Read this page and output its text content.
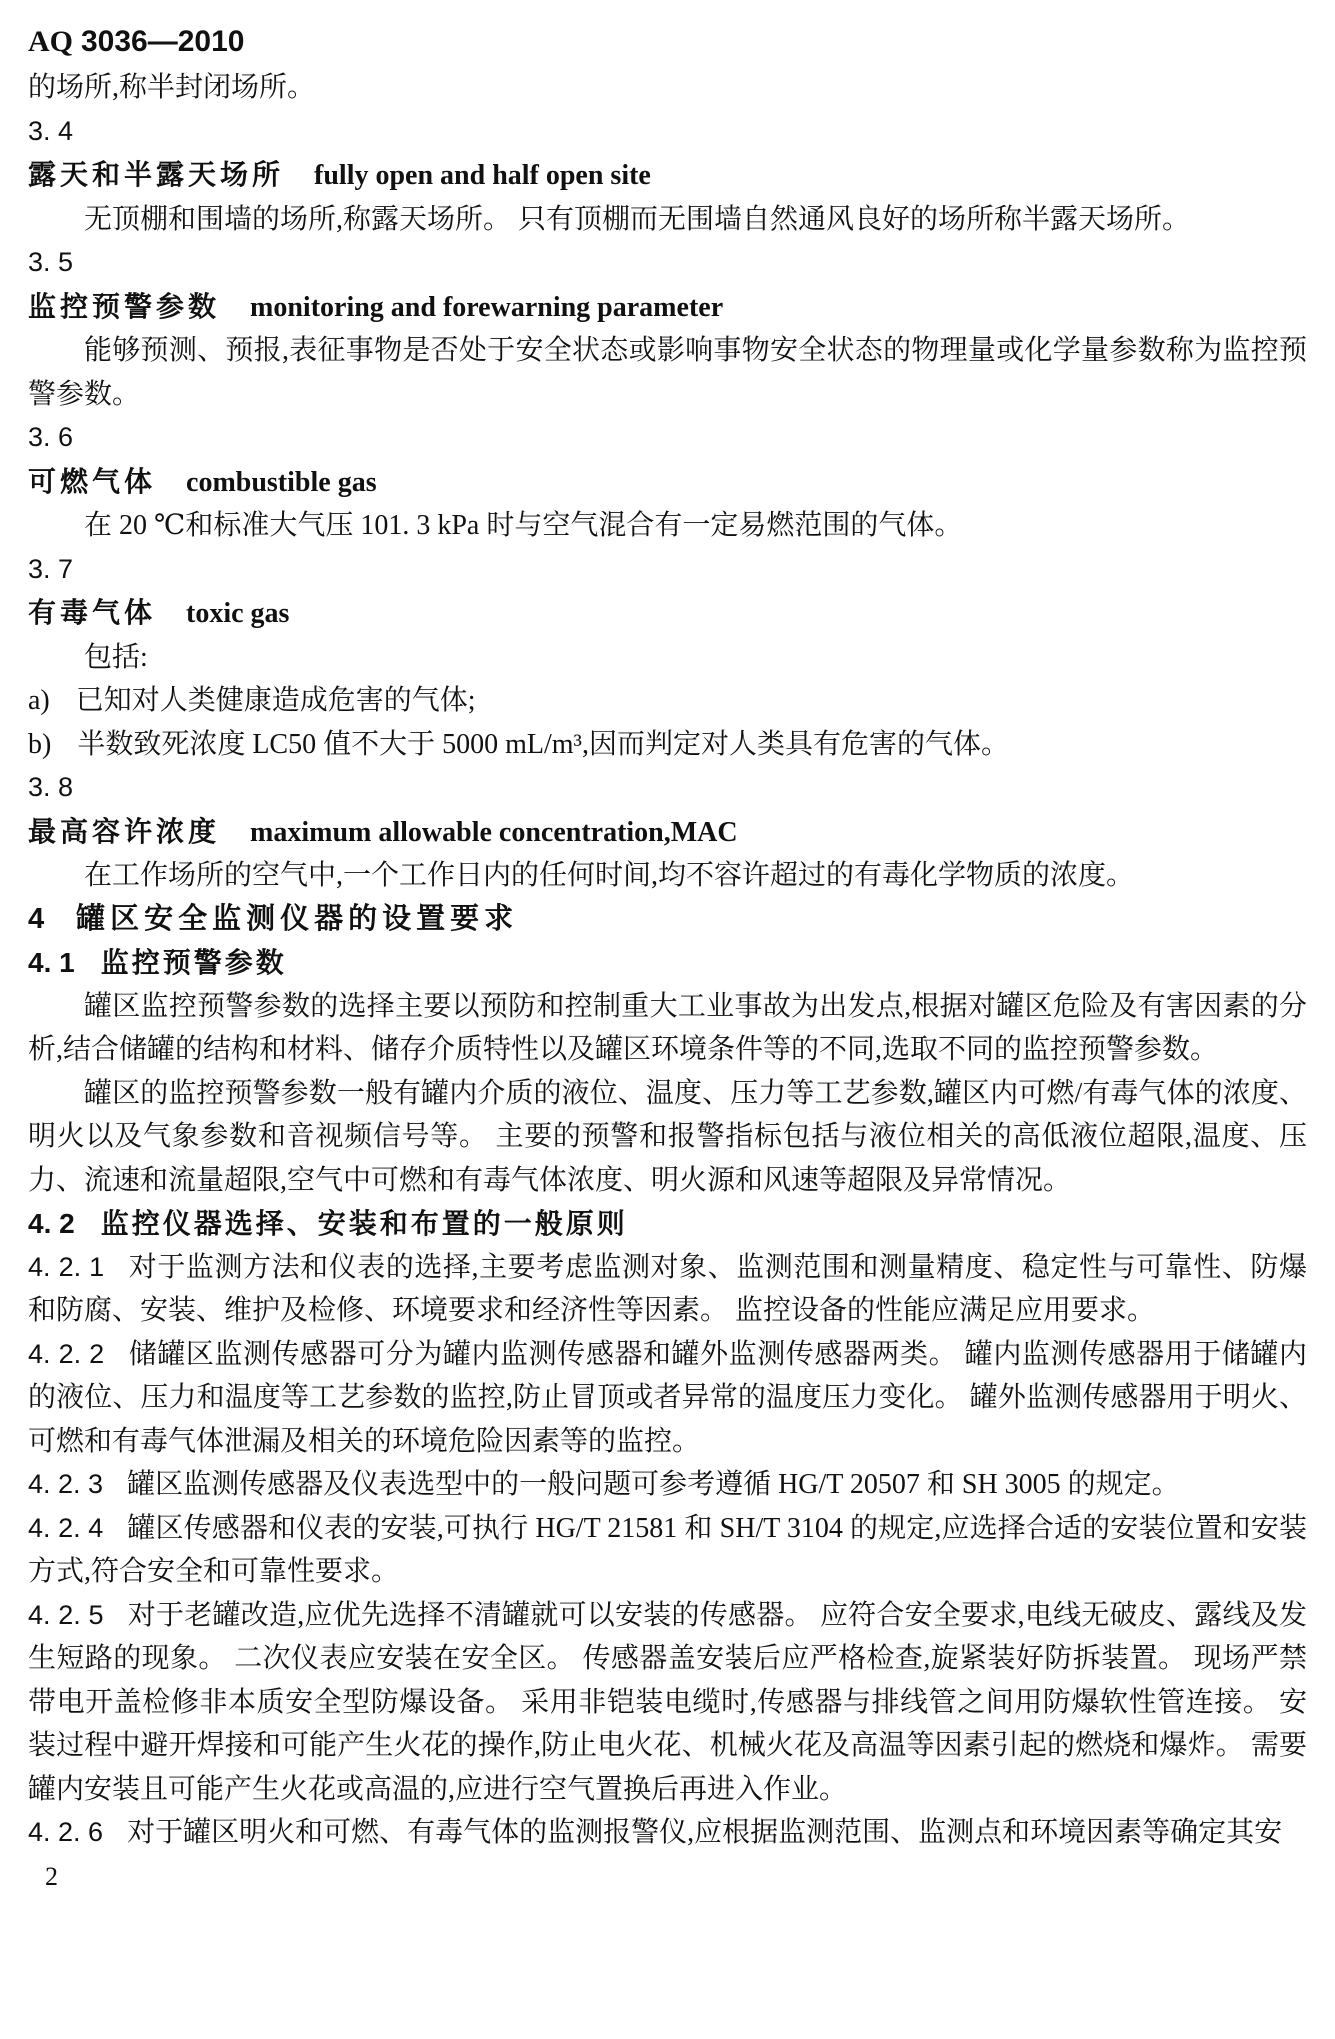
AQ 3036—2010

的场所,称半封闭场所。

3. 4

露天和半露天场所 fully open and half open site

无顶棚和围墙的场所,称露天场所。 只有顶棚而无围墙自然通风良好的场所称半露天场所。

3. 5

监控预警参数 monitoring and forewarning parameter

能够预测、预报,表征事物是否处于安全状态或影响事物安全状态的物理量或化学量参数称为监控预警参数。

3. 6

可燃气体 combustible gas

在 20 ℃和标准大气压 101. 3 kPa 时与空气混合有一定易燃范围的气体。

3. 7

有毒气体 toxic gas

包括:

a) 已知对人类健康造成危害的气体;

b) 半数致死浓度 LC50 值不大于 5000 mL/m³,因而判定对人类具有危害的气体。

3. 8

最高容许浓度 maximum allowable concentration,MAC

在工作场所的空气中,一个工作日内的任何时间,均不容许超过的有毒化学物质的浓度。

4 罐区安全监测仪器的设置要求

4. 1 监控预警参数

罐区监控预警参数的选择主要以预防和控制重大工业事故为出发点,根据对罐区危险及有害因素的分析,结合储罐的结构和材料、储存介质特性以及罐区环境条件等的不同,选取不同的监控预警参数。

罐区的监控预警参数一般有罐内介质的液位、温度、压力等工艺参数,罐区内可燃/有毒气体的浓度、明火以及气象参数和音视频信号等。 主要的预警和报警指标包括与液位相关的高低液位超限,温度、压力、流速和流量超限,空气中可燃和有毒气体浓度、明火源和风速等超限及异常情况。

4. 2 监控仪器选择、安装和布置的一般原则

4. 2. 1 对于监测方法和仪表的选择,主要考虑监测对象、监测范围和测量精度、稳定性与可靠性、防爆和防腐、安装、维护及检修、环境要求和经济性等因素。 监控设备的性能应满足应用要求。

4. 2. 2 储罐区监测传感器可分为罐内监测传感器和罐外监测传感器两类。 罐内监测传感器用于储罐内的液位、压力和温度等工艺参数的监控,防止冒顶或者异常的温度压力变化。 罐外监测传感器用于明火、可燃和有毒气体泄漏及相关的环境危险因素等的监控。

4. 2. 3 罐区监测传感器及仪表选型中的一般问题可参考遵循 HG/T 20507 和 SH 3005 的规定。

4. 2. 4 罐区传感器和仪表的安装,可执行 HG/T 21581 和 SH/T 3104 的规定,应选择合适的安装位置和安装方式,符合安全和可靠性要求。

4. 2. 5 对于老罐改造,应优先选择不清罐就可以安装的传感器。 应符合安全要求,电线无破皮、露线及发生短路的现象。 二次仪表应安装在安全区。 传感器盖安装后应严格检查,旋紧装好防拆装置。 现场严禁带电开盖检修非本质安全型防爆设备。 采用非铠装电缆时,传感器与排线管之间用防爆软性管连接。 安装过程中避开焊接和可能产生火花的操作,防止电火花、机械火花及高温等因素引起的燃烧和爆炸。 需要罐内安装且可能产生火花或高温的,应进行空气置换后再进入作业。

4. 2. 6 对于罐区明火和可燃、有毒气体的监测报警仪,应根据监测范围、监测点和环境因素等确定其安

2
